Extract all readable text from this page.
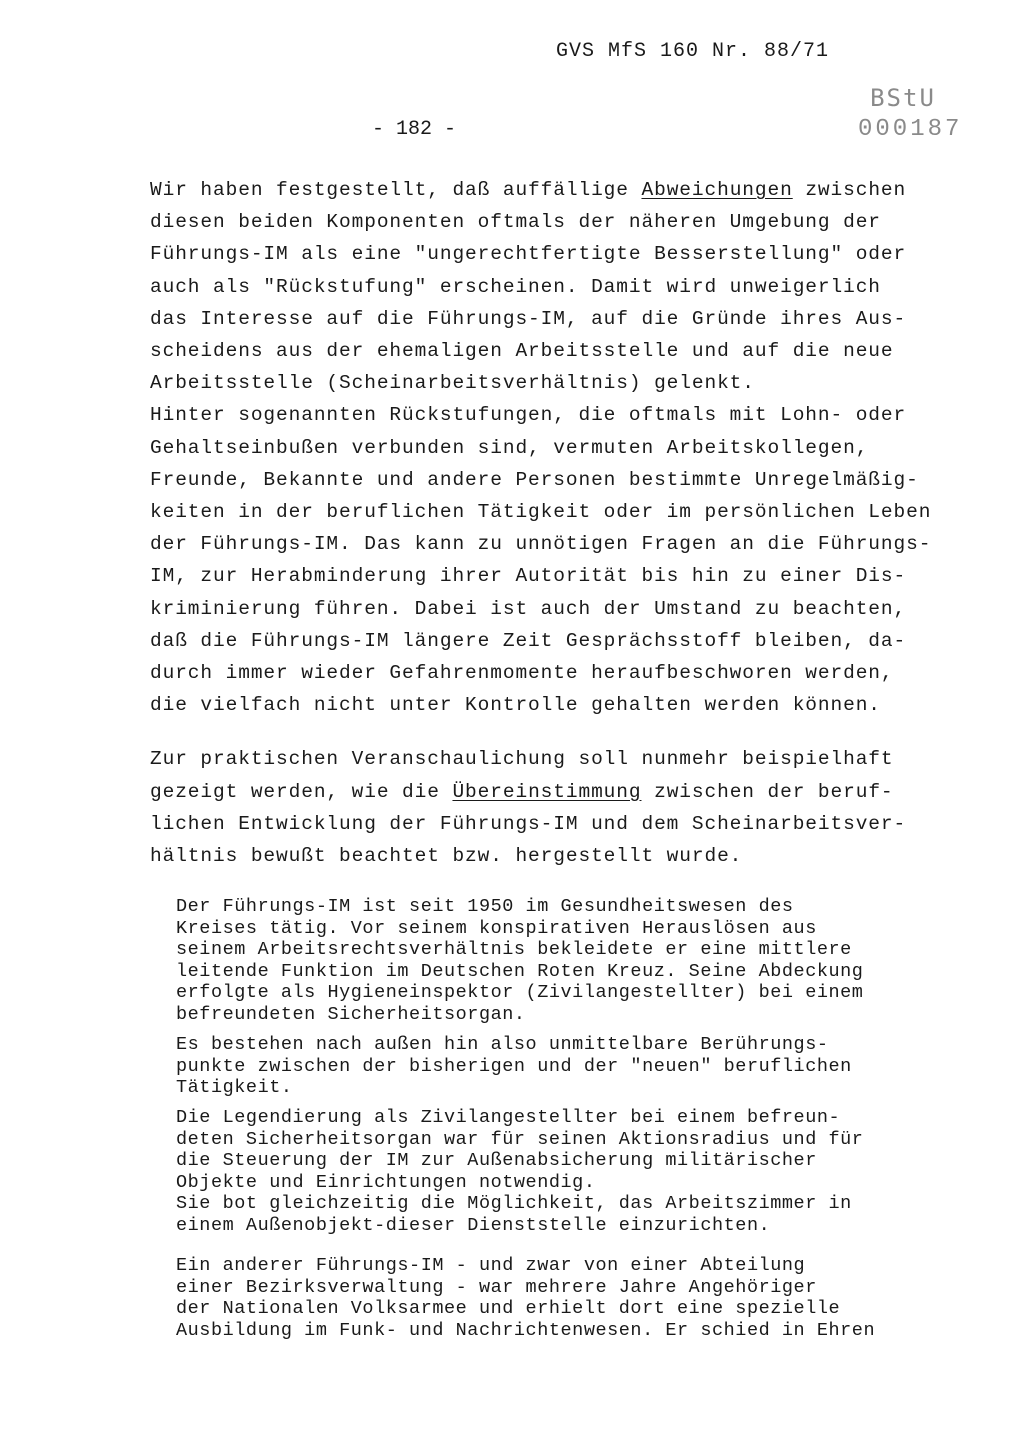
GVS MfS 160 Nr. 88/71
BStU
000187
- 182 -

Wir haben festgestellt, daß auffällige Abweichungen zwischen

diesen beiden Komponenten oftmals der näheren Umgebung der

Führungs-IM als eine "ungerechtfertigte Besserstellung" oder

auch als "Rückstufung" erscheinen. Damit wird unweigerlich

das Interesse auf die Führungs-IM, auf die Gründe ihres Aus-

scheidens aus der ehemaligen Arbeitsstelle und auf die neue

Arbeitsstelle (Scheinarbeitsverhältnis) gelenkt.

Hinter sogenannten Rückstufungen, die oftmals mit Lohn- oder

Gehaltseinbußen verbunden sind, vermuten Arbeitskollegen,

Freunde, Bekannte und andere Personen bestimmte Unregelmäßig-

keiten in der beruflichen Tätigkeit oder im persönlichen Leben

der Führungs-IM. Das kann zu unnötigen Fragen an die Führungs-

IM, zur Herabminderung ihrer Autorität bis hin zu einer Dis-

kriminierung führen. Dabei ist auch der Umstand zu beachten,

daß die Führungs-IM längere Zeit Gesprächsstoff bleiben, da-

durch immer wieder Gefahrenmomente heraufbeschworen werden,

die vielfach nicht unter Kontrolle gehalten werden können.

Zur praktischen Veranschaulichung soll nunmehr beispielhaft

gezeigt werden, wie die Übereinstimmung zwischen der beruf-

lichen Entwicklung der Führungs-IM und dem Scheinarbeitsver-

hältnis bewußt beachtet bzw. hergestellt wurde.

Der Führungs-IM ist seit 1950 im Gesundheitswesen des

Kreises tätig. Vor seinem konspirativen Herauslösen aus

seinem Arbeitsrechtsverhältnis bekleidete er eine mittlere

leitende Funktion im Deutschen Roten Kreuz. Seine Abdeckung

erfolgte als Hygieneinspektor (Zivilangestellter) bei einem

befreundeten Sicherheitsorgan.

Es bestehen nach außen hin also unmittelbare Berührungs-

punkte zwischen der bisherigen und der "neuen" beruflichen

Tätigkeit.

Die Legendierung als Zivilangestellter bei einem befreun-

deten Sicherheitsorgan war für seinen Aktionsradius und für

die Steuerung der IM zur Außenabsicherung militärischer

Objekte und Einrichtungen notwendig.

Sie bot gleichzeitig die Möglichkeit, das Arbeitszimmer in

einem Außenobjekt-dieser Dienststelle einzurichten.

Ein anderer Führungs-IM - und zwar von einer Abteilung

einer Bezirksverwaltung - war mehrere Jahre Angehöriger

der Nationalen Volksarmee und erhielt dort eine spezielle

Ausbildung im Funk- und Nachrichtenwesen. Er schied in Ehren
